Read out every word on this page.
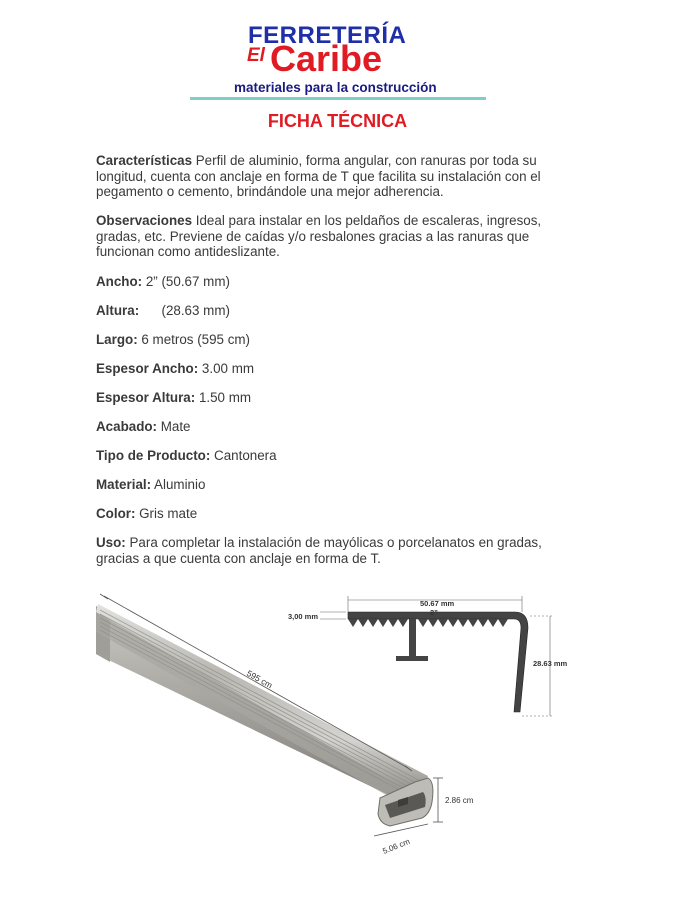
FERRETERÍA
El Caribe
materiales para la construcción
FICHA TÉCNICA

Características Perfil de aluminio, forma angular, con ranuras por toda su longitud, cuenta con anclaje en forma de T que facilita su instalación con el pegamento o cemento, brindándole una mejor adherencia.

Observaciones Ideal para instalar en los peldaños de escaleras, ingresos, gradas, etc. Previene de caídas y/o resbalones gracias a las ranuras que funcionan como antideslizante.

Ancho: 2” (50.67 mm)
Altura:      (28.63 mm)
Largo: 6 metros (595 cm)
Espesor Ancho: 3.00 mm
Espesor Altura: 1.50 mm
Acabado: Mate
Tipo de Producto: Cantonera
Material: Aluminio
Color: Gris mate

Uso: Para completar la instalación de mayólicas o porcelanatos en gradas, gracias a que cuenta con anclaje en forma de T.

595 cm
2.86 cm
5.06 cm
50.67 mm
2”
3,00 mm
28.63 mm
